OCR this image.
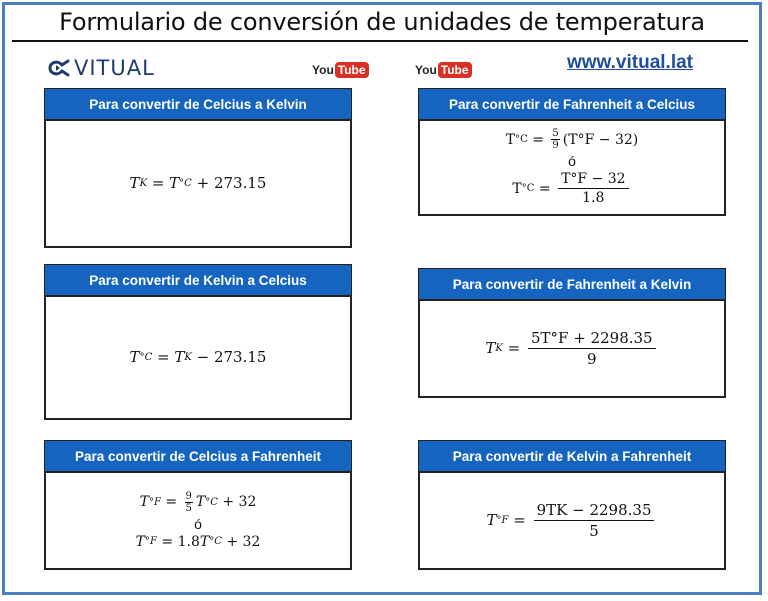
Formulario de conversión de unidades de temperatura
VITUAL	You Tube	You Tube	www.vitual.lat
Para convertir de Celcius a Kelvin
T K = T °C
+ 273.15
Para convertir de Fahrenheit a Celcius
T $^\circ C = \frac{5}{9} (T^\circ F - 32)$
ó
T $^\circ C = \frac{T^\circ F - 32}{1.8}$
Para convertir de Kelvin a Celcius
T °C = T K
− 273.15
Para convertir de Fahrenheit a Kelvin
T $K = \frac{5T^\circ F + 2298.35}{9}$
Para convertir de Celcius a Fahrenheit
T $^\circ F = \frac{9}{5}$ T °C
+ 32
ó
T °F = 1.8 T °C
+ 32
Para convertir de Kelvin a Fahrenheit
T $^\circ F = \frac{9TK - 2298.35}{5}$
